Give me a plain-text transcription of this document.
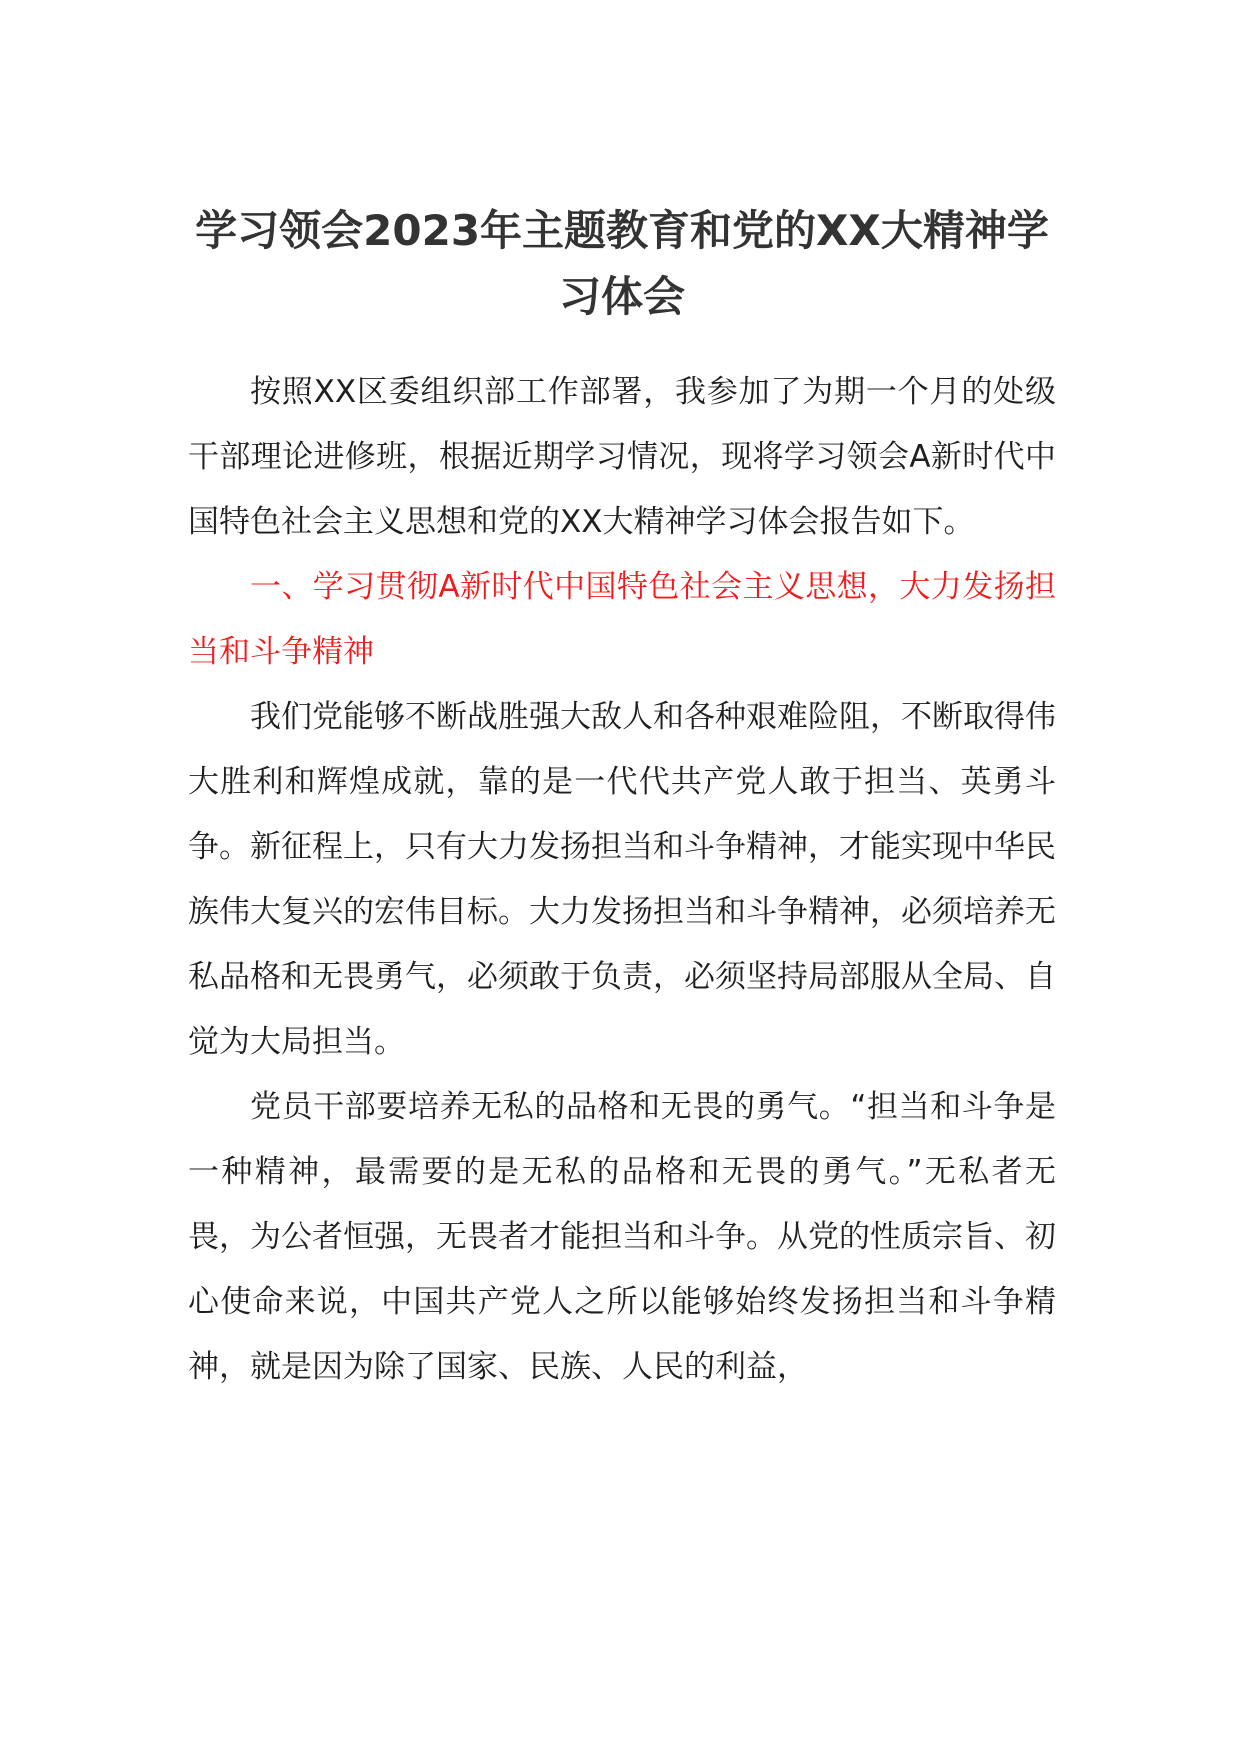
学习领会2023年主题教育和党的XX大精神学习体会

按照XX区委组织部工作部署，我参加了为期一个月的处级干部理论进修班，根据近期学习情况，现将学习领会A新时代中国特色社会主义思想和党的XX大精神学习体会报告如下。

一、学习贯彻A新时代中国特色社会主义思想，大力发扬担当和斗争精神

我们党能够不断战胜强大敌人和各种艰难险阻，不断取得伟大胜利和辉煌成就，靠的是一代代共产党人敢于担当、英勇斗争。新征程上，只有大力发扬担当和斗争精神，才能实现中华民族伟大复兴的宏伟目标。大力发扬担当和斗争精神，必须培养无私品格和无畏勇气，必须敢于负责，必须坚持局部服从全局、自觉为大局担当。

党员干部要培养无私的品格和无畏的勇气。“担当和斗争是一种精神，最需要的是无私的品格和无畏的勇气。”无私者无畏，为公者恒强，无畏者才能担当和斗争。从党的性质宗旨、初心使命来说，中国共产党人之所以能够始终发扬担当和斗争精神，就是因为除了国家、民族、人民的利益，
